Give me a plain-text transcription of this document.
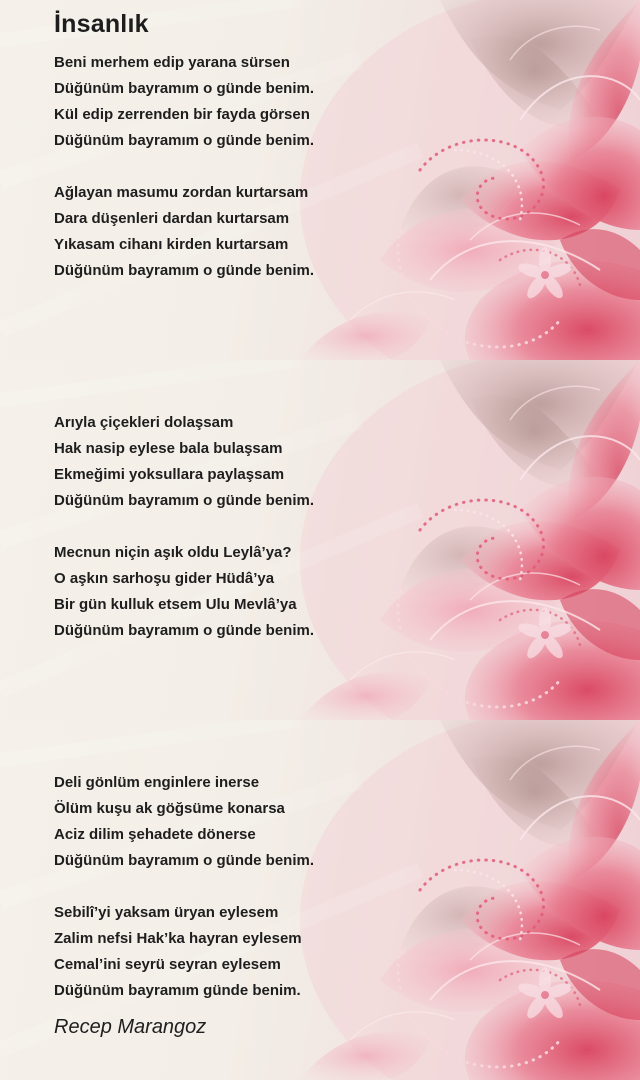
İnsanlık
Beni merhem edip yarana sürsen
Düğünüm bayramım o günde benim.
Kül edip zerrenden bir fayda görsen
Düğünüm bayramım o günde benim.
Ağlayan masumu zordan kurtarsam
Dara düşenleri dardan kurtarsam
Yıkasam cihanı kirden kurtarsam
Düğünüm bayramım o günde benim.
Arıyla çiçekleri dolaşsam
Hak nasip eylese bala bulaşsam
Ekmeğimi yoksullara paylaşsam
Düğünüm bayramım o günde benim.
Mecnun niçin aşık oldu Leylâ’ya?
O aşkın sarhoşu gider Hüdâ’ya
Bir gün kulluk etsem Ulu Mevlâ’ya
Düğünüm bayramım o günde benim.
Deli gönlüm enginlere inerse
Ölüm kuşu ak göğsüme konarsa
Aciz dilim şehadete dönerse
Düğünüm bayramım o günde benim.
Sebilî’yi yaksam üryan eylesem
Zalim nefsi Hak’ka hayran eylesem
Cemal’ini seyrü seyran eylesem
Düğünüm bayramım günde benim.
Recep Marangoz
